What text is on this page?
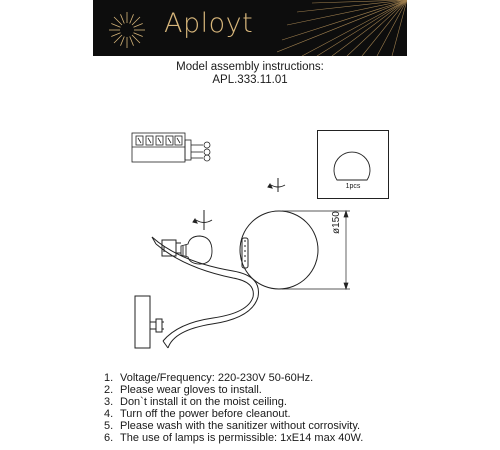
Aployt
Model assembly instructions:
APL.333.11.01
1pcs
ø150
1. Voltage/Frequency: 220-230V 50-60Hz.
2. Please wear gloves to install.
3. Don`t install it on the moist ceiling.
4. Turn off the power before cleanout.
5. Please wash with the sanitizer without corrosivity.
6. The use of lamps is permissible: 1xE14 max 40W.
